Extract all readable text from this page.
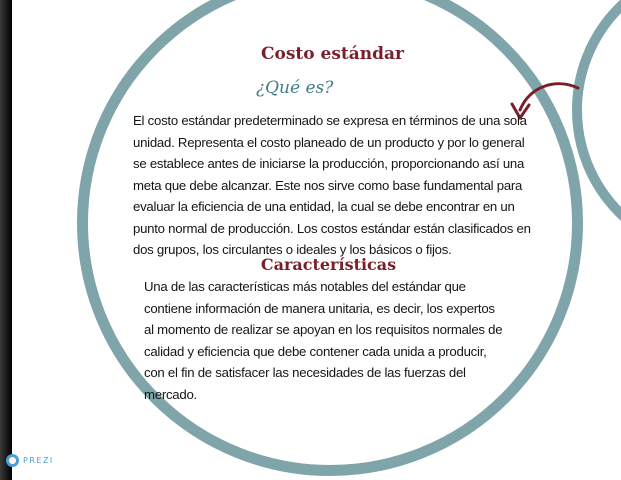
Costo estándar
¿Qué es?

El costo estándar predeterminado se expresa en términos de una sola unidad. Representa el costo planeado de un producto y por lo general se establece antes de iniciarse la producción, proporcionando así una meta que debe alcanzar. Este nos sirve como base fundamental para evaluar la eficiencia de una entidad, la cual se debe encontrar en un punto normal de producción. Los costos estándar están clasificados en dos grupos, los circulantes o ideales y los básicos o fijos.

Características

Una de las características más notables del estándar que contiene información de manera unitaria, es decir, los expertos al momento de realizar se apoyan en los requisitos normales de calidad y eficiencia que debe contener cada unida a producir, con el fin de satisfacer las necesidades de las fuerzas del mercado.

PREZI
